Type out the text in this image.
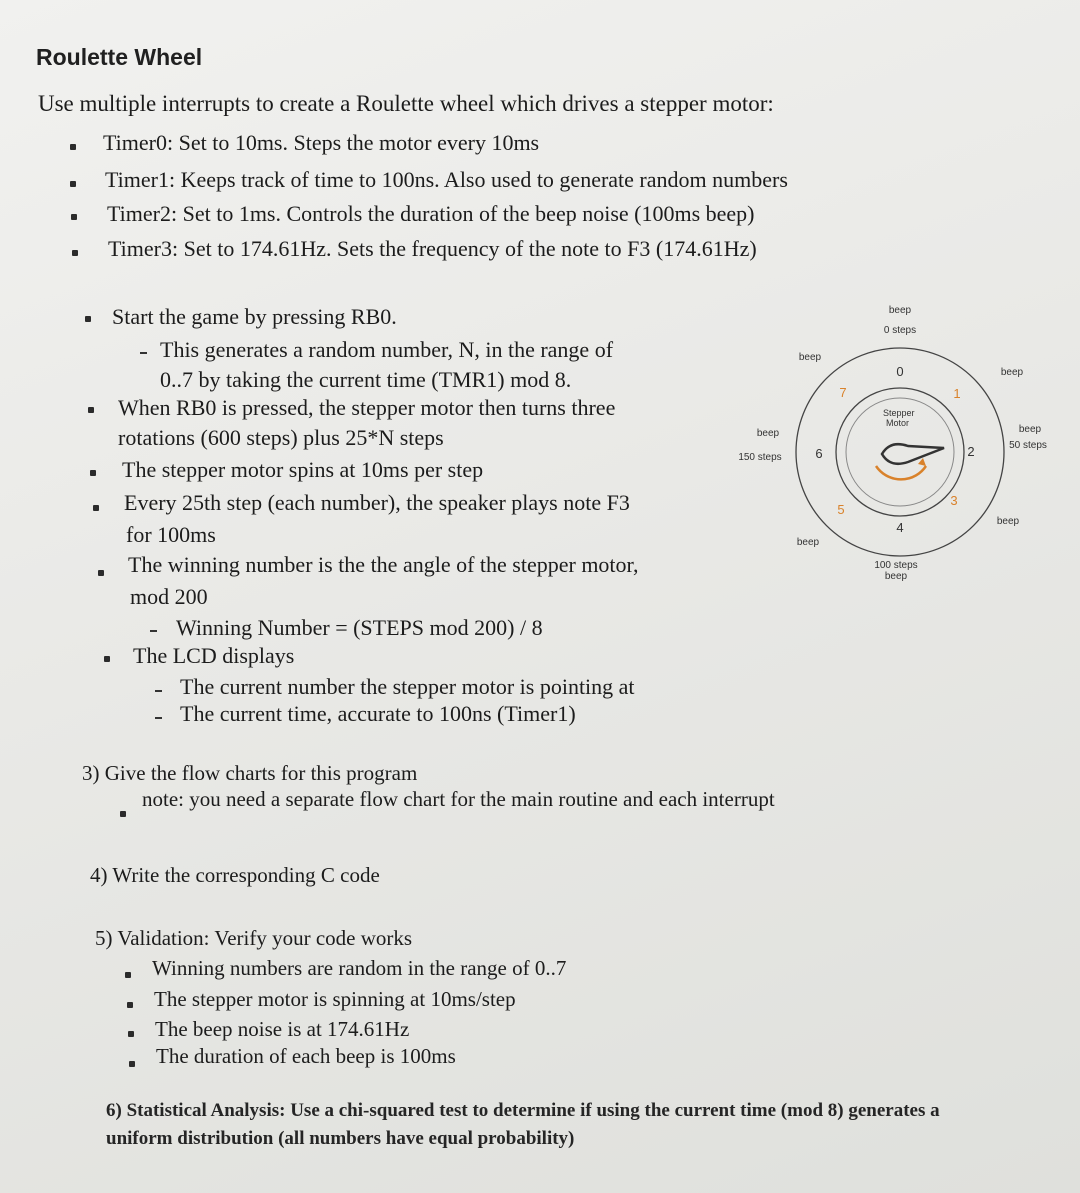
Roulette Wheel
Use multiple interrupts to create a Roulette wheel which drives a stepper motor:
Timer0: Set to 10ms. Steps the motor every 10ms
Timer1: Keeps track of time to 100ns. Also used to generate random numbers
Timer2: Set to 1ms. Controls the duration of the beep noise (100ms beep)
Timer3: Set to 174.61Hz. Sets the frequency of the note to F3 (174.61Hz)
Start the game by pressing RB0.
This generates a random number, N, in the range of
0..7 by taking the current time (TMR1) mod 8.
When RB0 is pressed, the stepper motor then turns three
rotations (600 steps) plus 25*N steps
The stepper motor spins at 10ms per step
Every 25th step (each number), the speaker plays note F3
for 100ms
The winning number is the the angle of the stepper motor,
mod 200
Winning Number = (STEPS mod 200) / 8
The LCD displays
The current number the stepper motor is pointing at
The current time, accurate to 100ns (Timer1)
Stepper
Motor
0
1
2
3
4
5
6
7
beep
0 steps
beep
beep
beep
50 steps
beep
150 steps
beep
beep
100 steps
beep
3) Give the flow charts for this program
note: you need a separate flow chart for the main routine and each interrupt
4) Write the corresponding C code
5) Validation: Verify your code works
Winning numbers are random in the range of 0..7
The stepper motor is spinning at 10ms/step
The beep noise is at 174.61Hz
The duration of each beep is 100ms
6) Statistical Analysis: Use a chi-squared test to determine if using the current time (mod 8) generates a
uniform distribution (all numbers have equal probability)
